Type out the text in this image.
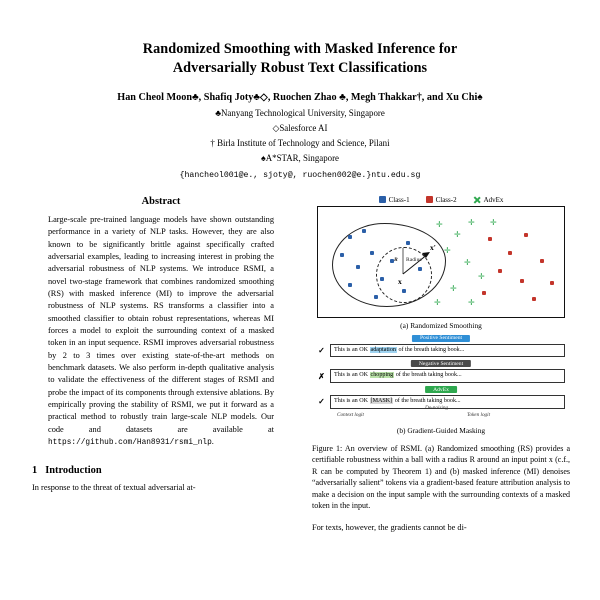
Randomized Smoothing with Masked Inference for
Adversarially Robust Text Classifications
Han Cheol Moon♣, Shafiq Joty♣◇, Ruochen Zhao ♣, Megh Thakkar†, and Xu Chi♠
♣Nanyang Technological University, Singapore
◇Salesforce AI
† Birla Institute of Technology and Science, Pilani
♠A*STAR, Singapore
{hancheol001@e., sjoty@, ruochen002@e.}ntu.edu.sg
Abstract
Large-scale pre-trained language models have shown outstanding performance in a variety of NLP tasks. However, they are also known to be significantly brittle against specifically crafted adversarial examples, leading to increasing interest in probing the adversarial robustness of NLP systems. We introduce RSMI, a novel two-stage framework that combines randomized smoothing (RS) with masked inference (MI) to improve the adversarial robustness of NLP systems. RS transforms a classifier into a smoothed classifier to obtain robust representations, whereas MI forces a model to exploit the surrounding context of a masked token in an input sequence. RSMI improves adversarial robustness by 2 to 3 times over existing state-of-the-art methods on benchmark datasets. We also perform in-depth qualitative analysis to validate the effectiveness of the different stages of RSMI and probe the impact of its components through extensive ablations. By empirically proving the stability of RSMI, we put it forward as a practical method to robustly train large-scale NLP models. Our code and datasets are available at https://github.com/Han8931/rsmi_nlp.
1 Introduction
In response to the threat of textual adversarial at-
Class-1	Class-2	AdvEx
✛
✛
✛
✛
✛
✛
✛
✛	✛
✛
x
x'
Radius
R
(a) Randomized Smoothing
Positive Sentiment
✓	This is an OK adaptation of the breath taking book...
Negative Sentiment
✗	This is an OK chopping of the breath taking book...
AdvEx
✓	This is an OK [MASK] of the breath taking book...
Context logit
De-noising
Token logit
(b) Gradient-Guided Masking
Figure 1: An overview of RSMI. (a) Randomized smoothing (RS) provides a certifiable robustness within a ball with a radius R around an input point x (c.f., R can be computed by Theorem 1) and (b) masked inference (MI) denoises “adversarially salient” tokens via a gradient-based feature attribution analysis to make a decision on the input sample with the surrounding contexts of a masked token in the input.
For texts, however, the gradients cannot be di-
